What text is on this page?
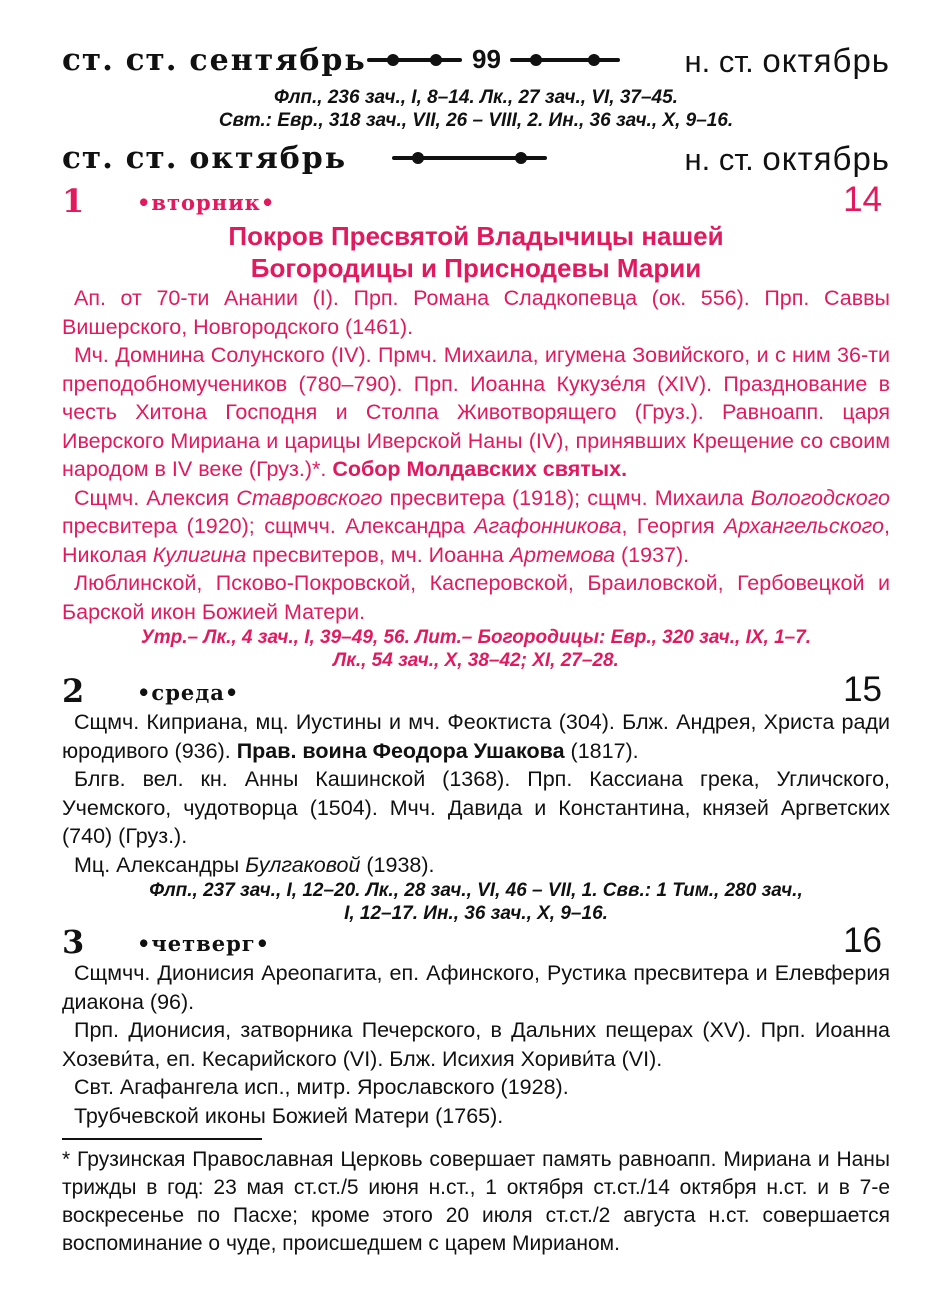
ст. ст. сентябрь	99	н. ст. октябрь
Флп., 236 зач., I, 8–14. Лк., 27 зач., VI, 37–45.
Свт.: Евр., 318 зач., VII, 26 – VIII, 2. Ин., 36 зач., X, 9–16.
ст. ст. октябрь	н. ст. октябрь
1	•вторник•	14
Покров Пресвятой Владычицы нашей
Богородицы и Приснодевы Марии

Ап. от 70-ти Анании (I). Прп. Романа Сладкопевца (ок. 556). Прп. Саввы Вишерского, Новгородского (1461).

Мч. Домнина Солунского (IV). Прмч. Михаила, игумена Зовийского, и с ним 36-ти преподобномучеников (780–790). Прп. Иоанна Кукузе́ля (XIV). Празднование в честь Хитона Господня и Столпа Животворящего (Груз.). Равноапп. царя Иверского Мириана и царицы Иверской Наны (IV), принявших Крещение со своим народом в IV веке (Груз.)*. Собор Молдавских святых.

Сщмч. Алексия Ставровского пресвитера (1918); сщмч. Михаила Вологодского пресвитера (1920); сщмчч. Александра Агафонникова, Георгия Архангельского, Николая Кулигина пресвитеров, мч. Иоанна Артемова (1937).

Люблинской, Псково-Покровской, Касперовской, Браиловской, Гербовецкой и Барской икон Божией Матери.

Утр.– Лк., 4 зач., I, 39–49, 56. Лит.– Богородицы: Евр., 320 зач., IX, 1–7.
Лк., 54 зач., X, 38–42; XI, 27–28.
2	•среда•	15

Сщмч. Киприана, мц. Иустины и мч. Феоктиста (304). Блж. Андрея, Христа ради юродивого (936). Прав. воина Феодора Ушакова (1817).

Блгв. вел. кн. Анны Кашинской (1368). Прп. Кассиана грека, Угличского, Учемского, чудотворца (1504). Мчч. Давида и Константина, князей Аргветских (740) (Груз.).

Мц. Александры Булгаковой (1938).

Флп., 237 зач., I, 12–20. Лк., 28 зач., VI, 46 – VII, 1. Свв.: 1 Тим., 280 зач.,
I, 12–17. Ин., 36 зач., X, 9–16.
3	•четверг•	16

Сщмчч. Дионисия Ареопагита, еп. Афинского, Рустика пресвитера и Елевферия диакона (96).

Прп. Дионисия, затворника Печерского, в Дальних пещерах (XV). Прп. Иоанна Хозеви́та, еп. Кесарийского (VI). Блж. Исихия Хориви́та (VI).

Свт. Агафангела исп., митр. Ярославского (1928).

Трубчевской иконы Божией Матери (1765).

* Грузинская Православная Церковь совершает память равноапп. Мириана и Наны трижды в год: 23 мая ст.ст./5 июня н.ст., 1 октября ст.ст./14 октября н.ст. и в 7-е воскресенье по Пасхе; кроме этого 20 июля ст.ст./2 августа н.ст. совершается воспоминание о чуде, происшедшем с царем Мирианом.
